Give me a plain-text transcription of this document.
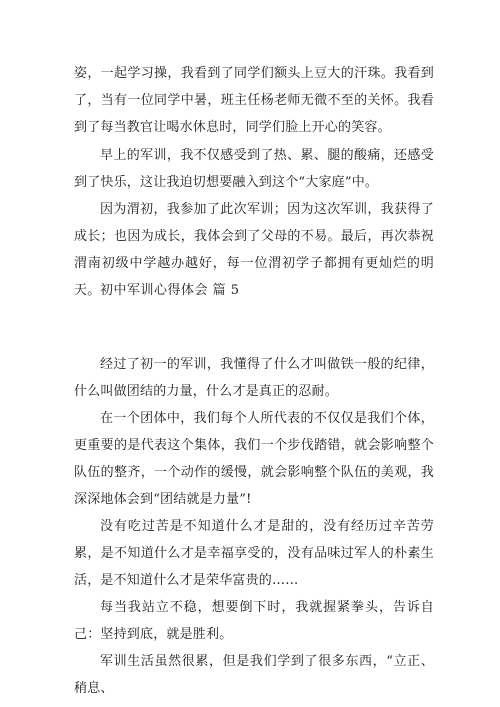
姿，一起学习操，我看到了同学们额头上豆大的汗珠。我看到了，当有一位同学中暑，班主任杨老师无微不至的关怀。我看到了每当教官让喝水休息时，同学们脸上开心的笑容。

早上的军训，我不仅感受到了热、累、腿的酸痛，还感受到了快乐，这让我迫切想要融入到这个“大家庭”中。

因为渭初，我参加了此次军训；因为这次军训，我获得了成长；也因为成长，我体会到了父母的不易。最后，再次恭祝渭南初级中学越办越好，每一位渭初学子都拥有更灿烂的明天。 初中军训心得体会 篇 5

经过了初一的军训，我懂得了什么才叫做铁一般的纪律，什么叫做团结的力量，什么才是真正的忍耐。

在一个团体中，我们每个人所代表的不仅仅是我们个体，更重要的是代表这个集体，我们一个步伐踏错，就会影响整个队伍的整齐，一个动作的缓慢，就会影响整个队伍的美观，我深深地体会到“团结就是力量”!

没有吃过苦是不知道什么才是甜的，没有经历过辛苦劳累，是不知道什么才是幸福享受的，没有品味过军人的朴素生活，是不知道什么才是荣华富贵的……

每当我站立不稳，想要倒下时，我就握紧拳头，告诉自己：坚持到底，就是胜利。

军训生活虽然很累，但是我们学到了很多东西，“立正、稍息、
